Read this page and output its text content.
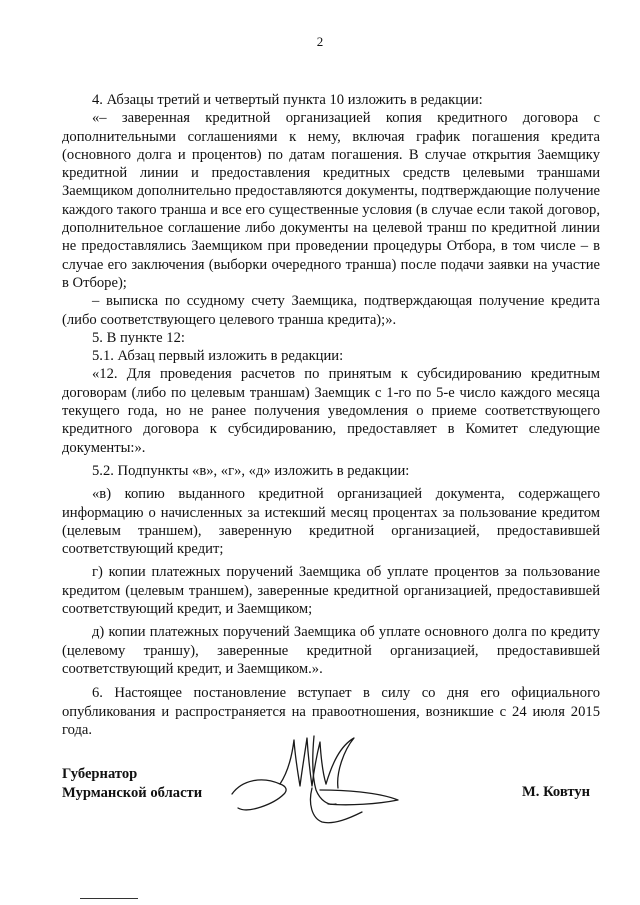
2

4. Абзацы третий и четвертый пункта 10 изложить в редакции:

«– заверенная кредитной организацией копия кредитного договора с дополнительными соглашениями к нему, включая график погашения кредита (основного долга и процентов) по датам погашения. В случае открытия Заемщику кредитной линии и предоставления кредитных средств целевыми траншами Заемщиком дополнительно предоставляются документы, подтверждающие получение каждого такого транша и все его существенные условия (в случае если такой договор, дополнительное соглашение либо документы на целевой транш по кредитной линии не предоставлялись Заемщиком при проведении процедуры Отбора, в том числе – в случае его заключения (выборки очередного транша) после подачи заявки на участие в Отборе);

– выписка по ссудному счету Заемщика, подтверждающая получение кредита (либо соответствующего целевого транша кредита);».

5. В пункте 12:

5.1. Абзац первый изложить в редакции:

«12. Для проведения расчетов по принятым к субсидированию кредитным договорам (либо по целевым траншам) Заемщик с 1-го по 5-е число каждого месяца текущего года, но не ранее получения уведомления о приеме соответствующего кредитного договора к субсидированию, предоставляет в Комитет следующие документы:».

5.2. Подпункты «в», «г», «д» изложить в редакции:

«в) копию выданного кредитной организацией документа, содержащего информацию о начисленных за истекший месяц процентах за пользование кредитом (целевым траншем), заверенную кредитной организацией, предоставившей соответствующий кредит;

г) копии платежных поручений Заемщика об уплате процентов за пользование кредитом (целевым траншем), заверенные кредитной организацией, предоставившей соответствующий кредит, и Заемщиком;

д) копии платежных поручений Заемщика об уплате основного долга по кредиту (целевому траншу), заверенные кредитной организацией, предоставившей соответствующий кредит, и Заемщиком.».

6. Настоящее постановление вступает в силу со дня его официального опубликования и распространяется на правоотношения, возникшие с 24 июля 2015 года.

Губернатор
Мурманской области	М. Ковтун
